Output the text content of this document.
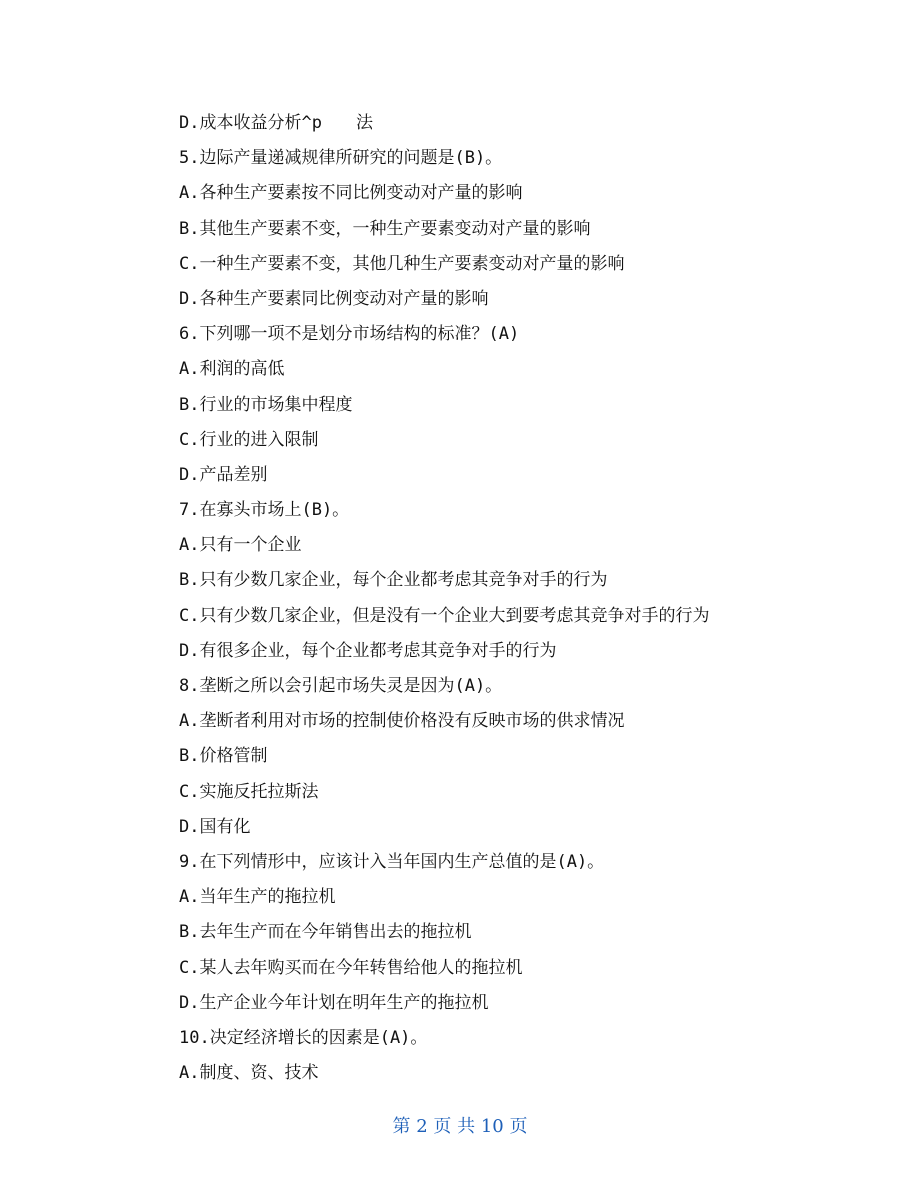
D.成本收益分析^p　　法
5.边际产量递减规律所研究的问题是(B)。
A.各种生产要素按不同比例变动对产量的影响
B.其他生产要素不变，一种生产要素变动对产量的影响
C.一种生产要素不变，其他几种生产要素变动对产量的影响
D.各种生产要素同比例变动对产量的影响
6.下列哪一项不是划分市场结构的标准？(A)
A.利润的高低
B.行业的市场集中程度
C.行业的进入限制
D.产品差别
7.在寡头市场上(B)。
A.只有一个企业
B.只有少数几家企业，每个企业都考虑其竞争对手的行为
C.只有少数几家企业，但是没有一个企业大到要考虑其竞争对手的行为
D.有很多企业，每个企业都考虑其竞争对手的行为
8.垄断之所以会引起市场失灵是因为(A)。
A.垄断者利用对市场的控制使价格没有反映市场的供求情况
B.价格管制
C.实施反托拉斯法
D.国有化
9.在下列情形中，应该计入当年国内生产总值的是(A)。
A.当年生产的拖拉机
B.去年生产而在今年销售出去的拖拉机
C.某人去年购买而在今年转售给他人的拖拉机
D.生产企业今年计划在明年生产的拖拉机
10.决定经济增长的因素是(A)。
A.制度、资、技术
第 2 页 共 10 页
